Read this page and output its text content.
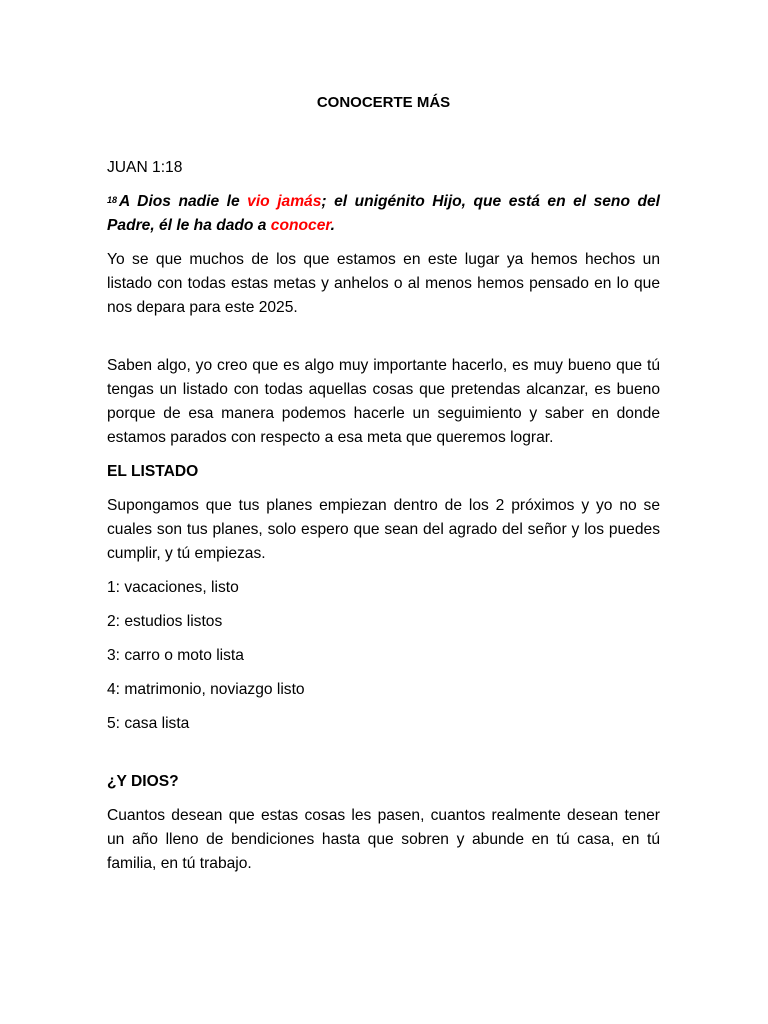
CONOCERTE MÁS

JUAN 1:18

$^{18}$ A Dios nadie le vio jamás; el unigénito Hijo, que está en el seno del Padre, él le ha dado a conocer.

Yo se que muchos de los que estamos en este lugar ya hemos hechos un listado con todas estas metas y anhelos o al menos hemos pensado en lo que nos depara para este 2025.

Saben algo, yo creo que es algo muy importante hacerlo, es muy bueno que tú tengas un listado con todas aquellas cosas que pretendas alcanzar, es bueno porque de esa manera podemos hacerle un seguimiento y saber en donde estamos parados con respecto a esa meta que queremos lograr.

EL LISTADO

Supongamos que tus planes empiezan dentro de los 2 próximos y yo no se cuales son tus planes, solo espero que sean del agrado del señor y los puedes cumplir, y tú empiezas.

1: vacaciones, listo

2: estudios listos

3: carro o moto lista

4: matrimonio, noviazgo listo

5: casa lista

¿Y DIOS?

Cuantos desean que estas cosas les pasen, cuantos realmente desean tener un año lleno de bendiciones hasta que sobren y abunde en tú casa, en tú familia, en tú trabajo.
